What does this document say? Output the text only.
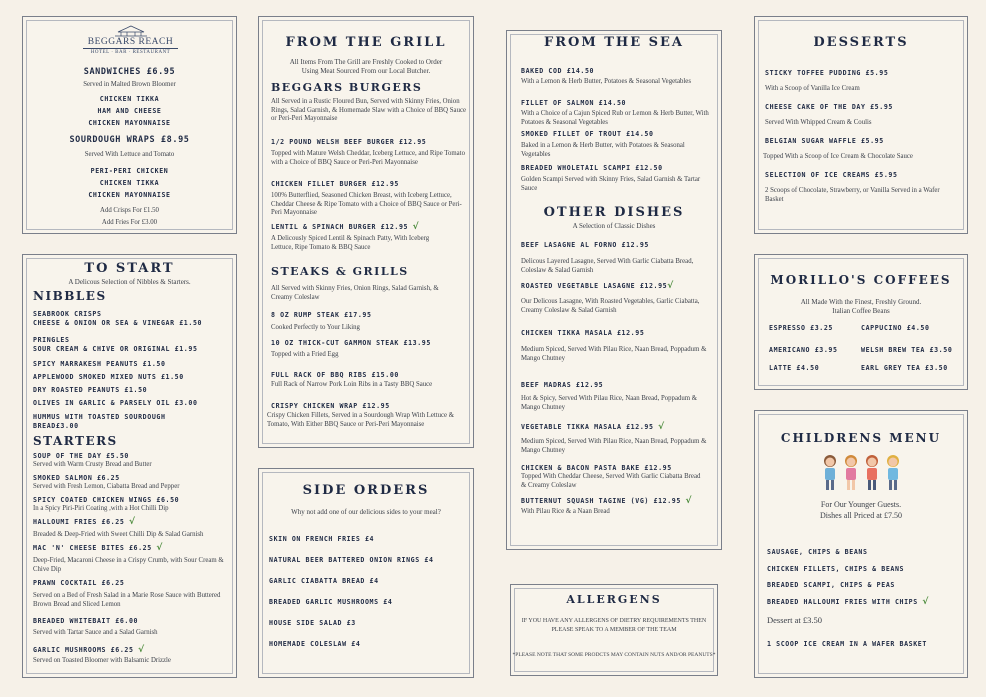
BEGGARS REACH
HOTEL · BAR · RESTAURANT
SANDWICHES £6.95
Served in Malted Brown Bloomer
CHICKEN TIKKA
HAM AND CHEESE
CHICKEN MAYONNAISE
SOURDOUGH WRAPS £8.95
Served With Lettuce and Tomato
PERI-PERI CHICKEN
CHICKEN TIKKA
CHICKEN MAYONNAISE
Add Crisps For £1.50
Add Fries For £3.00
TO START
A Delicous Selection of Nibbles & Starters.
NIBBLES
SEABROOK CRISPS
CHEESE & ONION OR SEA & VINEGAR £1.50
PRINGLES
SOUR CREAM & CHIVE OR ORIGINAL £1.95
SPICY MARRAKESH PEANUTS £1.50
APPLEWOOD SMOKED MIXED NUTS £1.50
DRY ROASTED PEANUTS £1.50
OLIVES IN GARLIC & PARSELY OIL £3.00
HUMMUS WITH TOASTED SOURDOUGH
BREAD£3.00
STARTERS
SOUP OF THE DAY £5.50
Served with Warm Crusty Bread and Butter
SMOKED SALMON £6.25
Served with Fresh Lemon, Ciabatta Bread and Pepper
SPICY COATED CHICKEN WINGS £6.50
In a Spicy Piri-Piri Coating ,with a Hot Chilli Dip
HALLOUMI FRIES £6.25 √
Breaded & Deep-Fried with Sweet Chilli Dip & Salad Garnish
MAC 'N' CHEESE BITES £6.25 √
Deep-Fried, Macaroni Cheese in a Crispy Crumb, with Sour Cream & Chive Dip
PRAWN COCKTAIL £6.25
Served on a Bed of Fresh Salad in a Marie Rose Sauce with Buttered Brown Bread and Sliced Lemon
BREADED WHITEBAIT £6.00
Served with Tartar Sauce and a Salad Garnish
GARLIC MUSHROOMS £6.25 √
Served on Toasted Bloomer with Balsamic Drizzle
FROM THE GRILL
All Items From The Grill are Freshly Cooked to Order
Using Meat Sourced From our Local Butcher.
BEGGARS BURGERS
All Served in a Rustic Floured Bun, Served with Skinny Fries, Onion Rings, Salad Garnish, & Homemade Slaw with a Choice of BBQ Sauce or Peri-Peri Mayonnaise
1/2 POUND WELSH BEEF BURGER £12.95
Topped with Mature Welsh Cheddar, Iceberg Lettuce, and Ripe Tomato with a Choice of BBQ Sauce or Peri-Peri Mayonnaise
CHICKEN FILLET BURGER £12.95
100% Butterflied, Seasoned Chicken Breast, with Iceberg Lettuce, Cheddar Cheese & Ripe Tomato with a Choice of BBQ Sauce or Peri-Peri Mayonnaise
LENTIL & SPINACH BURGER £12.95 √
A Delicously Spiced Lentil & Spinach Patty, With Iceberg Lettuce, Ripe Tomato & BBQ Sauce
STEAKS & GRILLS
All Served with Skinny Fries, Onion Rings, Salad Garnish, & Creamy Coleslaw
8 OZ RUMP STEAK £17.95
Cooked Perfectly to Your Liking
10 OZ THICK-CUT GAMMON STEAK £13.95
Topped with a Fried Egg
FULL RACK OF BBQ RIBS £15.00
Full Rack of Narrow Pork Loin Ribs in a Tasty BBQ Sauce
CRISPY CHICKEN WRAP £12.95
Crispy Chicken Fillets, Served in a Sourdough Wrap With Lettuce & Tomato, With Either BBQ Sauce or Peri-Peri Mayonnaise
SIDE ORDERS
Why not add one of our delicious sides to your meal?
SKIN ON FRENCH FRIES £4
NATURAL BEER BATTERED ONION RINGS £4
GARLIC CIABATTA BREAD £4
BREADED GARLIC MUSHROOMS £4
HOUSE SIDE SALAD £3
HOMEMADE COLESLAW £4
FROM THE SEA
BAKED COD £14.50
With a Lemon & Herb Butter, Potatoes & Seasonal Vegetables
FILLET OF SALMON £14.50
With a Choice of a Cajun Spiced Rub or Lemon & Herb Butter, With Potatoes & Seasonal Vegetables
SMOKED FILLET OF TROUT £14.50
Baked in a Lemon & Herb Butter, with Potatoes & Seasonal Vegetables
BREADED WHOLETAIL SCAMPI £12.50
Golden Scampi Served with Skinny Fries, Salad Garnish & Tartar Sauce
OTHER DISHES
A Selection of Classic Dishes
BEEF LASAGNE AL FORNO £12.95
Delicous Layered Lasagne, Served With Garlic Ciabatta Bread, Coleslaw & Salad Garnish
ROASTED VEGETABLE LASAGNE £12.95√
Our Delicous Lasagne, With Roasted Vegetables, Garlic Ciabatta, Creamy Coleslaw & Salad Garnish
CHICKEN TIKKA MASALA £12.95
Medium Spiced, Served With Pilau Rice, Naan Bread, Poppadum & Mango Chutney
BEEF MADRAS £12.95
Hot & Spicy, Served With Pilau Rice, Naan Bread, Poppadum & Mango Chutney
VEGETABLE TIKKA MASALA £12.95 √
Medium Spiced, Served With Pilau Rice, Naan Bread, Poppadum & Mango Chutney
CHICKEN & BACON PASTA BAKE £12.95
Topped With Cheddar Cheese, Served With Garlic Ciabatta Bread & Creamy Coleslaw
BUTTERNUT SQUASH TAGINE (VG) £12.95 √
With Pilau Rice & a Naan Bread
ALLERGENS
IF YOU HAVE ANY ALLERGENS OF DIETRY REQUIREMENTS THEN
PLEASE SPEAK TO A MEMBER OF THE TEAM
*PLEASE NOTE THAT SOME PRODCTS MAY CONTAIN NUTS AND/OR PEANUTS*
DESSERTS
STICKY TOFFEE PUDDING £5.95
With a Scoop of Vanilla Ice Cream
CHEESE CAKE OF THE DAY £5.95
Served With Whipped Cream & Coulis
BELGIAN SUGAR WAFFLE £5.95
Topped With a Scoop of Ice Cream & Chocolate Sauce
SELECTION OF ICE CREAMS £5.95
2 Scoops of Chocolate, Strawberry, or Vanilla Served in a Wafer Basket
MORILLO'S COFFEES
All Made With the Finest, Freshly Ground.
Italian Coffee Beans
ESPRESSO £3.25	CAPPUCINO £4.50
AMERICANO £3.95	WELSH BREW TEA £3.50
LATTE £4.50	EARL GREY TEA £3.50
CHILDRENS MENU
For Our Younger Guests.
Dishes all Priced at £7.50
SAUSAGE, CHIPS & BEANS
CHICKEN FILLETS, CHIPS & BEANS
BREADED SCAMPI, CHIPS & PEAS
BREADED HALLOUMI FRIES WITH CHIPS √
Dessert at £3.50
1 SCOOP ICE CREAM IN A WAFER BASKET
